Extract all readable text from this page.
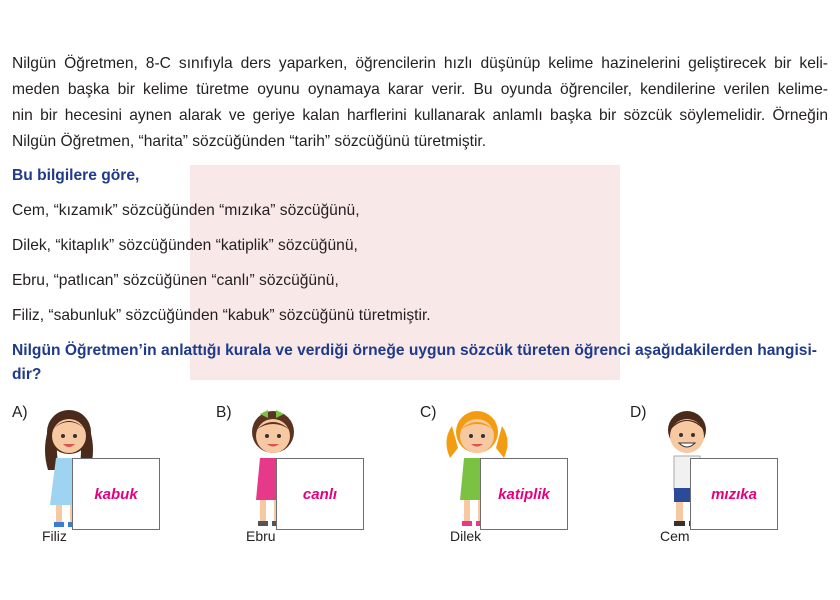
Nilgün Öğretmen, 8-C sınıfıyla ders yaparken, öğrencilerin hızlı düşünüp kelime hazinelerini geliştirecek bir keli-
meden başka bir kelime türetme oyunu oynamaya karar verir. Bu oyunda öğrenciler, kendilerine verilen kelime-
nin bir hecesini aynen alarak ve geriye kalan harflerini kullanarak anlamlı başka bir sözcük söylemelidir. Örneğin
Nilgün Öğretmen, “harita” sözcüğünden “tarih” sözcüğünü türetmiştir.

Bu bilgilere göre,

Cem, “kızamık” sözcüğünden “mızıka” sözcüğünü,

Dilek, “kitaplık” sözcüğünden “katiplik” sözcüğünü,

Ebru, “patlıcan” sözcüğünen “canlı” sözcüğünü,

Filiz, “sabunluk” sözcüğünden “kabuk” sözcüğünü türetmiştir.

Nilgün Öğretmen’in anlattığı kurala ve verdiği örneğe uygun sözcük türeten öğrenci aşağıdakilerden hangisi-
dir?

A)
kabuk
Filiz
B)
canlı
Ebru
C)
katiplik
Dilek
D)
mızıka
Cem
